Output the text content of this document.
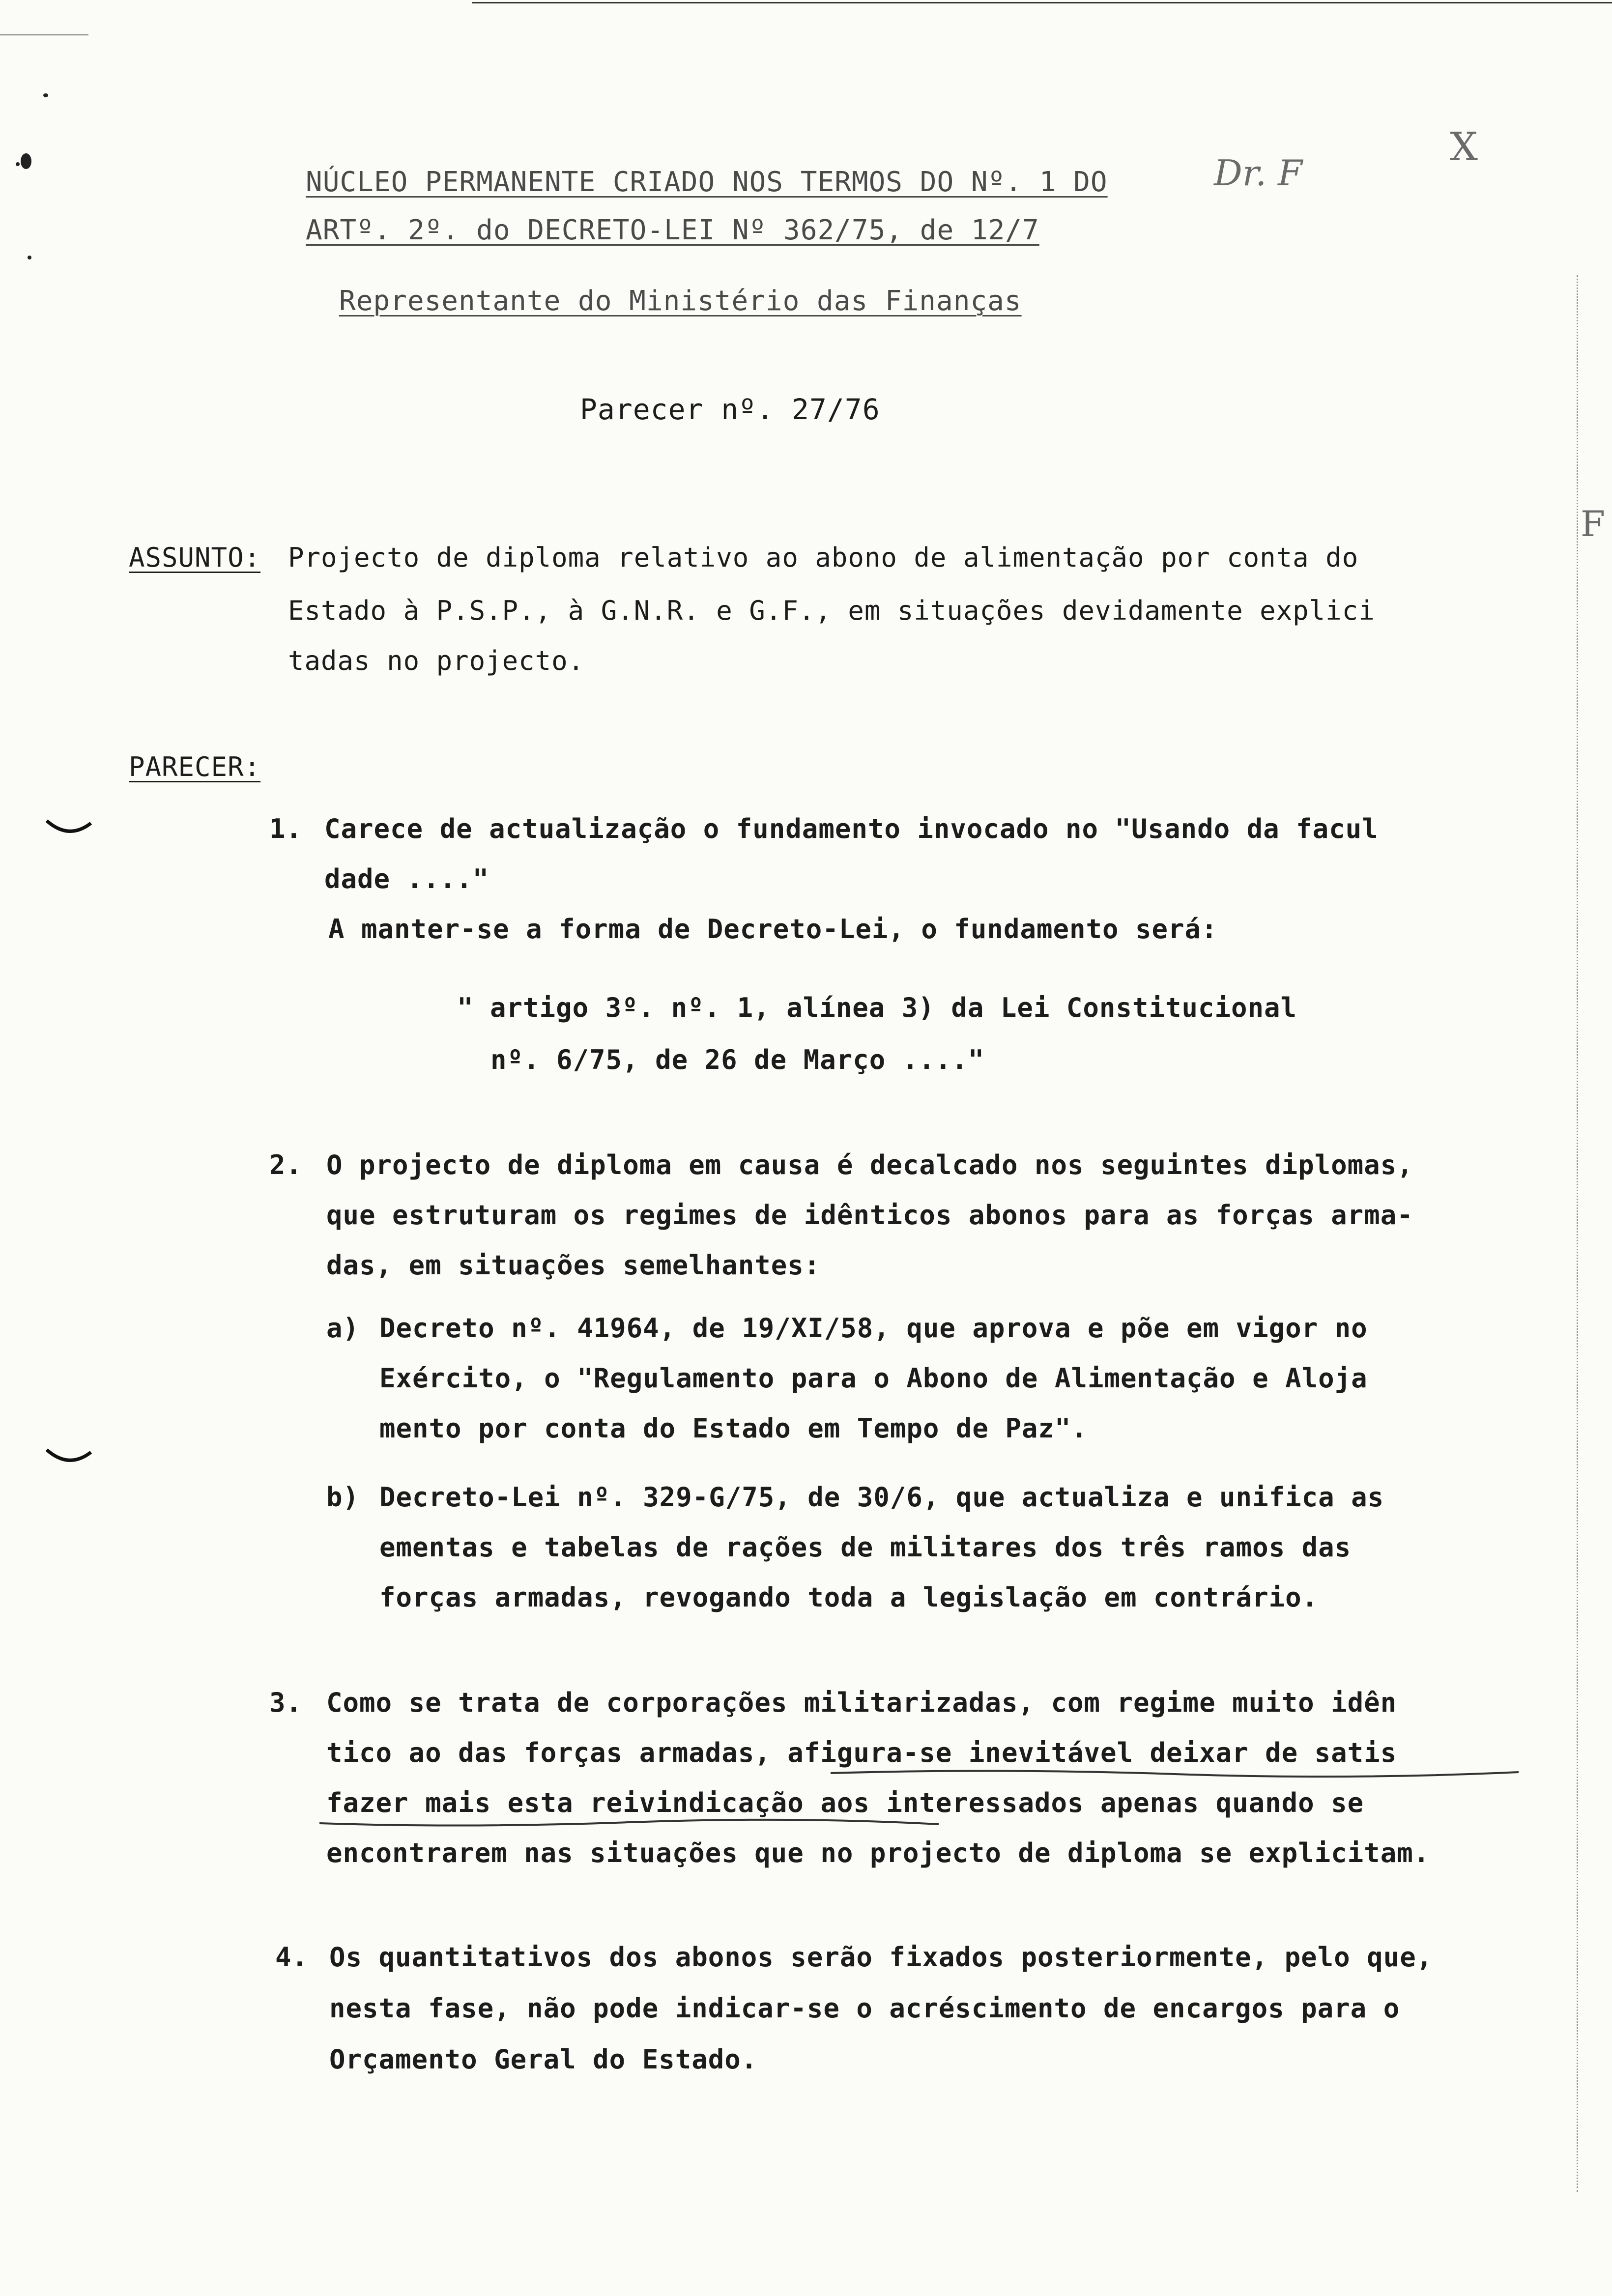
NÚCLEO PERMANENTE CRIADO NOS TERMOS DO Nº. 1 DO
ARTº. 2º. do DECRETO-LEI Nº 362/75, de 12/7
Representante do Ministério das Finanças
Dr. F
X
F
Parecer nº. 27/76
ASSUNTO: Projecto de diploma relativo ao abono de alimentação por conta do
Estado à P.S.P., à G.N.R. e G.F., em situações devidamente explici
tadas no projecto.
PARECER:
1. Carece de actualização o fundamento invocado no "Usando da facul
dade ...."
A manter-se a forma de Decreto-Lei, o fundamento será:
" artigo 3º. nº. 1, alínea 3) da Lei Constitucional
nº. 6/75, de 26 de Março ...."
2. O projecto de diploma em causa é decalcado nos seguintes diplomas,
que estruturam os regimes de idênticos abonos para as forças arma-
das, em situações semelhantes:
a) Decreto nº. 41964, de 19/XI/58, que aprova e põe em vigor no
Exército, o "Regulamento para o Abono de Alimentação e Aloja
mento por conta do Estado em Tempo de Paz".
b) Decreto-Lei nº. 329-G/75, de 30/6, que actualiza e unifica as
ementas e tabelas de rações de militares dos três ramos das
forças armadas, revogando toda a legislação em contrário.
3. Como se trata de corporações militarizadas, com regime muito idên
tico ao das forças armadas, afigura-se inevitável deixar de satis
fazer mais esta reivindicação aos interessados apenas quando se
encontrarem nas situações que no projecto de diploma se explicitam.
4. Os quantitativos dos abonos serão fixados posteriormente, pelo que,
nesta fase, não pode indicar-se o acréscimento de encargos para o
Orçamento Geral do Estado.
